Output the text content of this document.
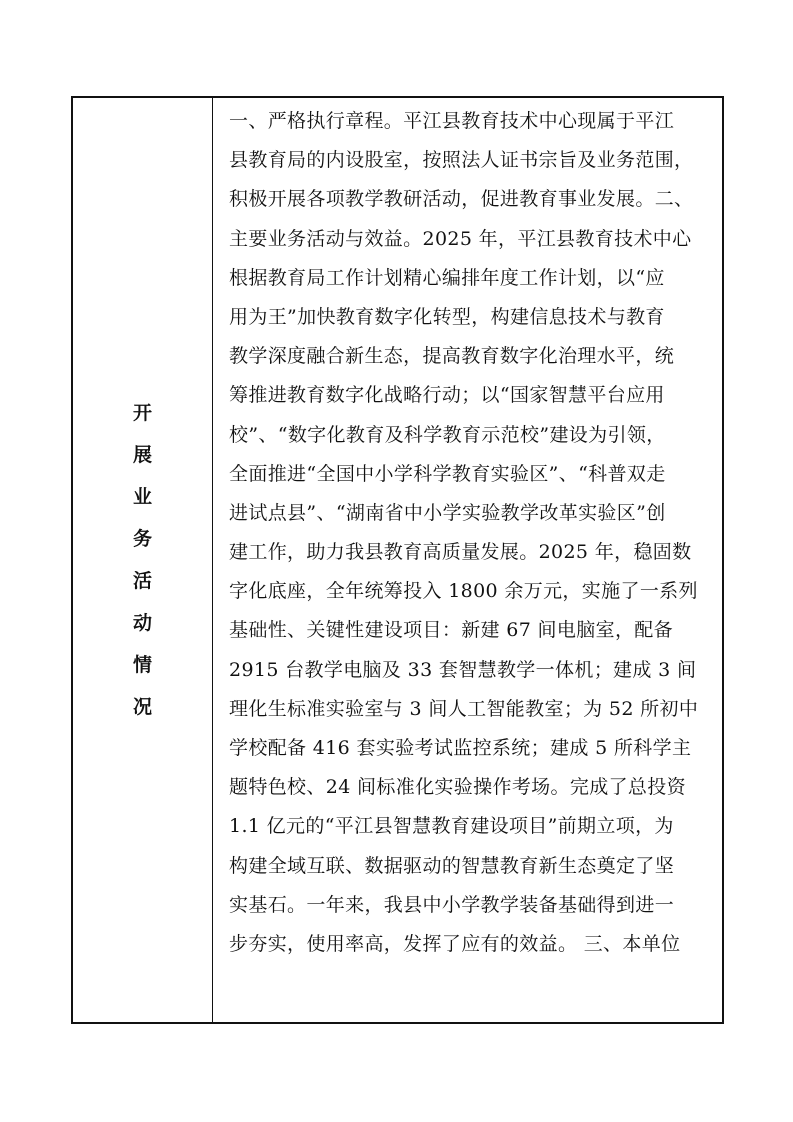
开
展
业
务
活
动
情
况
一、严格执行章程。平江县教育技术中心现属于平江
县教育局的内设股室，按照法人证书宗旨及业务范围，
积极开展各项教学教研活动，促进教育事业发展。二、
主要业务活动与效益。2025 年，平江县教育技术中心
根据教育局工作计划精心编排年度工作计划，以“应
用为王”加快教育数字化转型，构建信息技术与教育
教学深度融合新生态，提高教育数字化治理水平，统
筹推进教育数字化战略行动；以“国家智慧平台应用
校”、“数字化教育及科学教育示范校”建设为引领，
全面推进“全国中小学科学教育实验区”、“科普双走
进试点县”、“湖南省中小学实验教学改革实验区”创
建工作，助力我县教育高质量发展。2025 年，稳固数
字化底座，全年统筹投入 1800 余万元，实施了一系列
基础性、关键性建设项目：新建 67 间电脑室，配备
2915 台教学电脑及 33 套智慧教学一体机；建成 3 间
理化生标准实验室与 3 间人工智能教室；为 52 所初中
学校配备 416 套实验考试监控系统；建成 5 所科学主
题特色校、24 间标准化实验操作考场。完成了总投资
1.1 亿元的“平江县智慧教育建设项目”前期立项，为
构建全域互联、数据驱动的智慧教育新生态奠定了坚
实基石。一年来，我县中小学教学装备基础得到进一
步夯实，使用率高，发挥了应有的效益。 三、本单位
